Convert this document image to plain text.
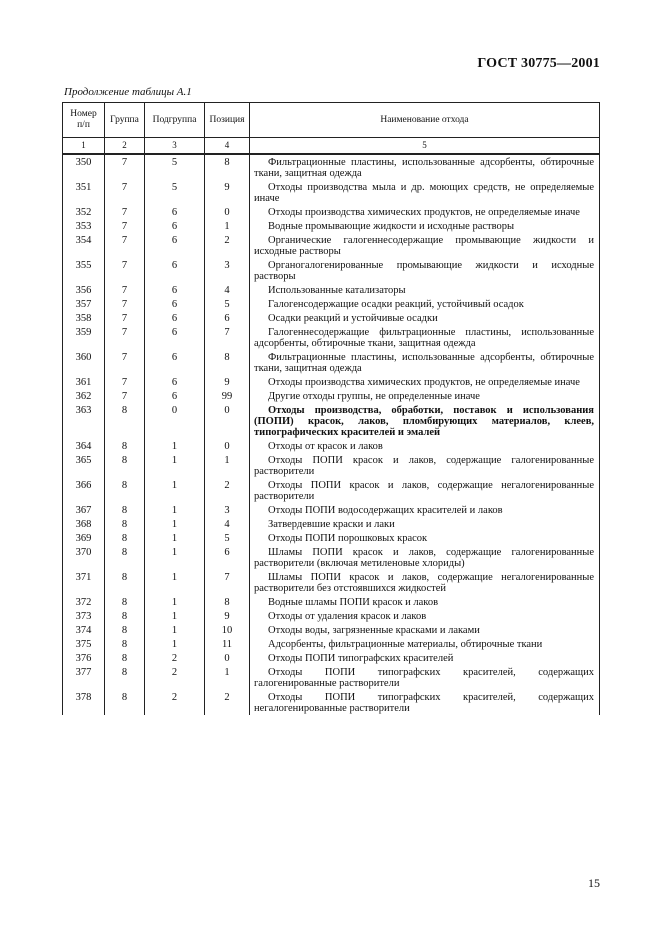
ГОСТ 30775—2001
Продолжение таблицы А.1
Номер п/п	Группа	Подгруппа	Позиция	Наименование отхода
1	2	3	4	5
350	7	5	8	Фильтрационные пластины, использованные адсорбенты, обтирочные ткани, защитная одежда
351	7	5	9	Отходы производства мыла и др. моющих средств, не определяемые иначе
352	7	6	0	Отходы производства химических продуктов, не определяемые иначе
353	7	6	1	Водные промывающие жидкости и исходные растворы
354	7	6	2	Органические галогеннесодержащие промывающие жидкости и исходные растворы
355	7	6	3	Органогалогенированные промывающие жидкости и исходные растворы
356	7	6	4	Использованные катализаторы
357	7	6	5	Галогенсодержащие осадки реакций, устойчивый осадок
358	7	6	6	Осадки реакций и устойчивые осадки
359	7	6	7	Галогеннесодержащие фильтрационные пластины, использованные адсорбенты, обтирочные ткани, защитная одежда
360	7	6	8	Фильтрационные пластины, использованные адсорбенты, обтирочные ткани, защитная одежда
361	7	6	9	Отходы производства химических продуктов, не определяемые иначе
362	7	6	99	Другие отходы группы, не определенные иначе
363	8	0	0	Отходы производства, обработки, поставок и использования (ПОПИ) красок, лаков, пломбирующих материалов, клеев, типографических красителей и эмалей
364	8	1	0	Отходы от красок и лаков
365	8	1	1	Отходы ПОПИ красок и лаков, содержащие галогенированные растворители
366	8	1	2	Отходы ПОПИ красок и лаков, содержащие негалогенированные растворители
367	8	1	3	Отходы ПОПИ водосодержащих красителей и лаков
368	8	1	4	Затвердевшие краски и лаки
369	8	1	5	Отходы ПОПИ порошковых красок
370	8	1	6	Шламы ПОПИ красок и лаков, содержащие галогенированные растворители (включая метиленовые хлориды)
371	8	1	7	Шламы ПОПИ красок и лаков, содержащие негалогенированные растворители без отстоявшихся жидкостей
372	8	1	8	Водные шламы ПОПИ красок и лаков
373	8	1	9	Отходы от удаления красок и лаков
374	8	1	10	Отходы воды, загрязненные красками и лаками
375	8	1	11	Адсорбенты, фильтрационные материалы, обтирочные ткани
376	8	2	0	Отходы ПОПИ типографских красителей
377	8	2	1	Отходы ПОПИ типографских красителей, содержащих галогенированные растворители
378	8	2	2	Отходы ПОПИ типографских красителей, содержащих негалогенированные растворители
15
